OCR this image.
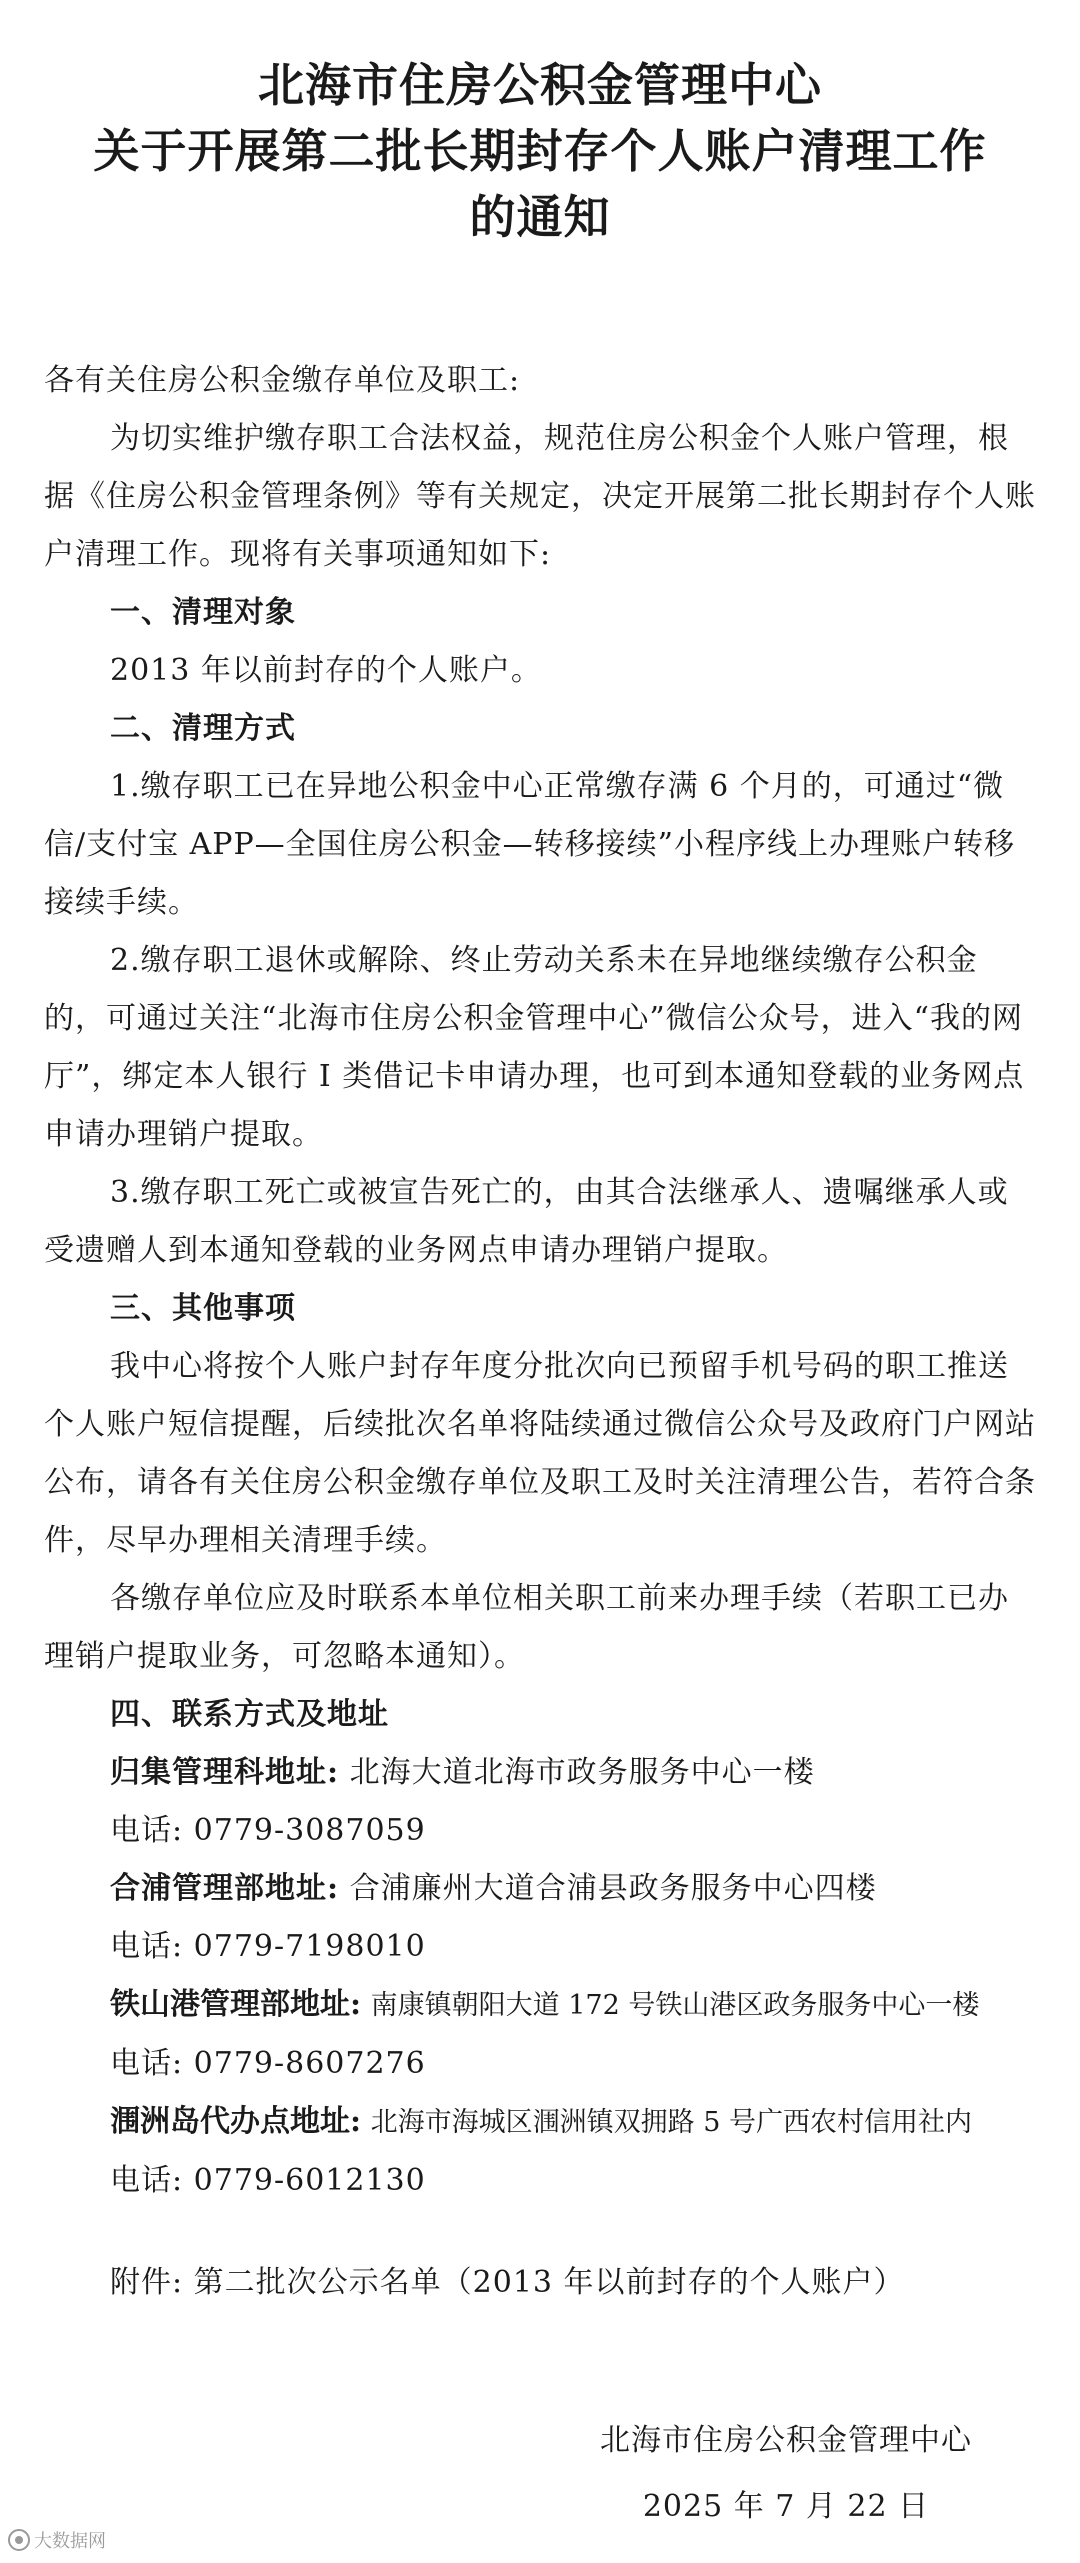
北海市住房公积金管理中心
关于开展第二批长期封存个人账户清理工作
的通知

各有关住房公积金缴存单位及职工:

为切实维护缴存职工合法权益，规范住房公积金个人账户管理，根据《住房公积金管理条例》等有关规定，决定开展第二批长期封存个人账户清理工作。现将有关事项通知如下:

一、清理对象

2013 年以前封存的个人账户。

二、清理方式

1.缴存职工已在异地公积金中心正常缴存满 6 个月的，可通过“微信/支付宝 APP—全国住房公积金—转移接续”小程序线上办理账户转移接续手续。

2.缴存职工退休或解除、终止劳动关系未在异地继续缴存公积金的，可通过关注“北海市住房公积金管理中心”微信公众号，进入“我的网厅”，绑定本人银行 I 类借记卡申请办理，也可到本通知登载的业务网点申请办理销户提取。

3.缴存职工死亡或被宣告死亡的，由其合法继承人、遗嘱继承人或受遗赠人到本通知登载的业务网点申请办理销户提取。

三、其他事项

我中心将按个人账户封存年度分批次向已预留手机号码的职工推送个人账户短信提醒，后续批次名单将陆续通过微信公众号及政府门户网站公布，请各有关住房公积金缴存单位及职工及时关注清理公告，若符合条件，尽早办理相关清理手续。

各缴存单位应及时联系本单位相关职工前来办理手续（若职工已办理销户提取业务，可忽略本通知）。

四、联系方式及地址

归集管理科地址: 北海大道北海市政务服务中心一楼

电话: 0779-3087059

合浦管理部地址: 合浦廉州大道合浦县政务服务中心四楼

电话: 0779-7198010

铁山港管理部地址: 南康镇朝阳大道 172 号铁山港区政务服务中心一楼

电话: 0779-8607276

涠洲岛代办点地址: 北海市海城区涠洲镇双拥路 5 号广西农村信用社内

电话: 0779-6012130

附件: 第二批次公示名单（2013 年以前封存的个人账户）

北海市住房公积金管理中心
2025 年 7 月 22 日
大数据网
